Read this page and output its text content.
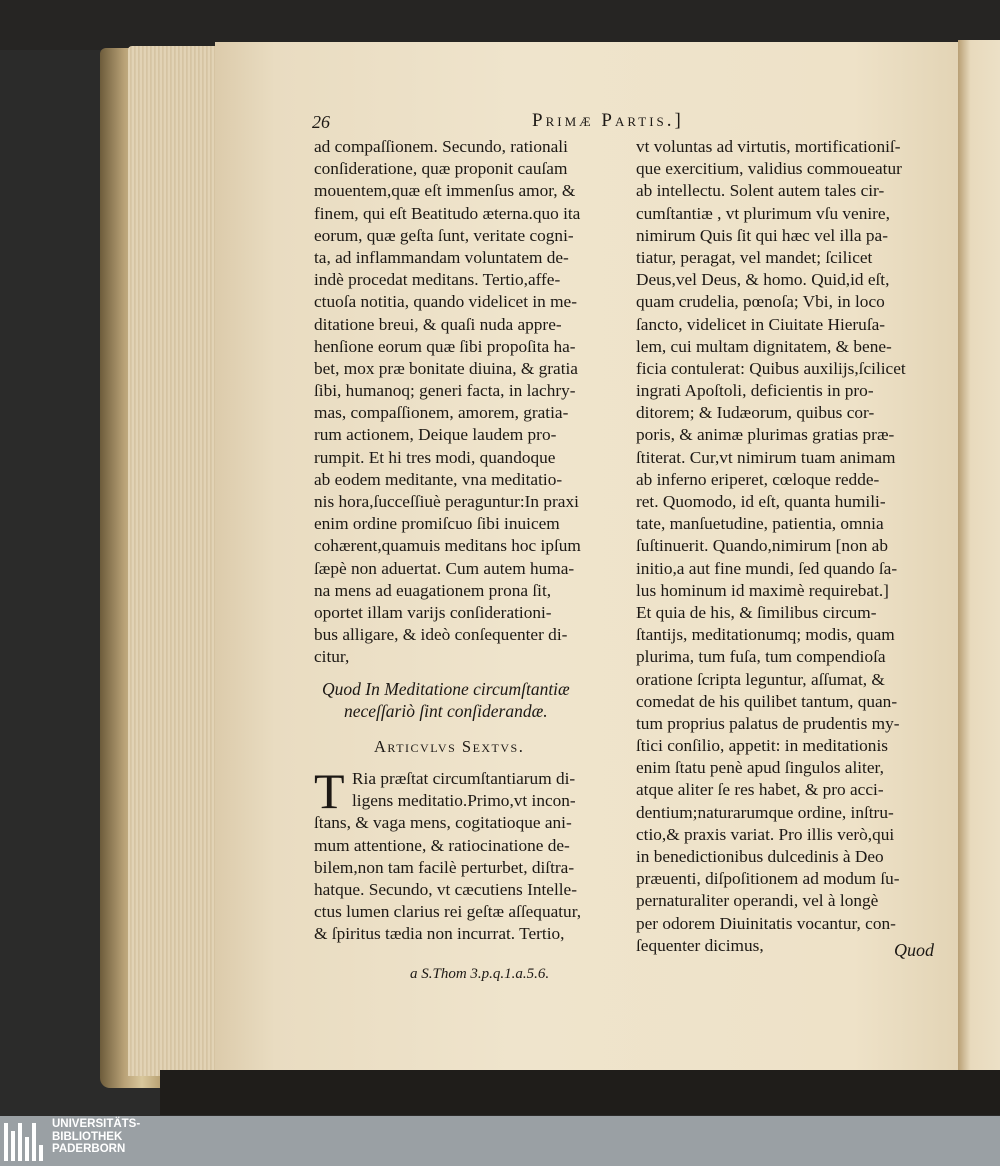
26	Primæ Partis.]
ad compaſſionem. Secundo, rationali
conſideratione, quæ proponit cauſam
mouentem,quæ eſt immenſus amor, &
finem, qui eſt Beatitudo æterna.quo ita
eorum, quæ geſta ſunt, veritate cogni-
ta, ad inflammandam voluntatem de-
indè procedat meditans. Tertio,affe-
ctuoſa notitia, quando videlicet in me-
ditatione breui, & quaſi nuda appre-
henſione eorum quæ ſibi propoſita ha-
bet, mox præ bonitate diuina, & gratia
ſibi, humanoq; generi facta, in lachry-
mas, compaſſionem, amorem, gratia-
rum actionem, Deique laudem pro-
rumpit. Et hi tres modi, quandoque
ab eodem meditante, vna meditatio-
nis hora,ſucceſſiuè peraguntur:In praxi
enim ordine promiſcuo ſibi inuicem
cohærent,quamuis meditans hoc ipſum
ſæpè non aduertat. Cum autem huma-
na mens ad euagationem prona ſit,
oportet illam varijs conſiderationi-
bus alligare, & ideò conſequenter di-
citur,
Quod In Meditatione circumſtantiæ
neceſſariò ſint conſiderandæ.
Articvlvs Sextvs.
T Ria præſtat circumſtantiarum di-
ligens meditatio.Primo,vt incon-
ſtans, & vaga mens, cogitatioque ani-
mum attentione, & ratiocinatione de-
bilem,non tam facilè perturbet, diſtra-
hatque. Secundo, vt cæcutiens Intelle-
ctus lumen clarius rei geſtæ aſſequatur,
& ſpiritus tædia non incurrat. Tertio,
vt voluntas ad virtutis, mortificationiſ-
que exercitium, validius commoueatur
ab intellectu. Solent autem tales cir-
cumſtantiæ , vt plurimum vſu venire,
nimirum Quis ſit qui hæc vel illa pa-
tiatur, peragat, vel mandet; ſcilicet
Deus,vel Deus, & homo. Quid,id eſt,
quam crudelia, pœnoſa; Vbi, in loco
ſancto, videlicet in Ciuitate Hieruſa-
lem, cui multam dignitatem, & bene-
ficia contulerat: Quibus auxilijs,ſcilicet
ingrati Apoſtoli, deficientis in pro-
ditorem; & Iudæorum, quibus cor-
poris, & animæ plurimas gratias præ-
ſtiterat. Cur,vt nimirum tuam animam
ab inferno eriperet, cœloque redde-
ret. Quomodo, id eſt, quanta humili-
tate, manſuetudine, patientia, omnia
ſuſtinuerit. Quando,nimirum [non ab
initio,a aut fine mundi, ſed quando ſa-
lus hominum id maximè requirebat.]
Et quia de his, & ſimilibus circum-
ſtantijs, meditationumq; modis, quam
plurima, tum fuſa, tum compendioſa
oratione ſcripta leguntur, aſſumat, &
comedat de his quilibet tantum, quan-
tum proprius palatus de prudentis my-
ſtici conſilio, appetit: in meditationis
enim ſtatu penè apud ſingulos aliter,
atque aliter ſe res habet, & pro acci-
dentium;naturarumque ordine, inſtru-
ctio,& praxis variat. Pro illis verò,qui
in benedictionibus dulcedinis à Deo
præuenti, diſpoſitionem ad modum ſu-
pernaturaliter operandi, vel à longè
per odorem Diuinitatis vocantur, con-
ſequenter dicimus,	Quod
a S.Thom 3.p.q.1.a.5.6.
UNIVERSITÄTS-
BIBLIOTHEK
PADERBORN
